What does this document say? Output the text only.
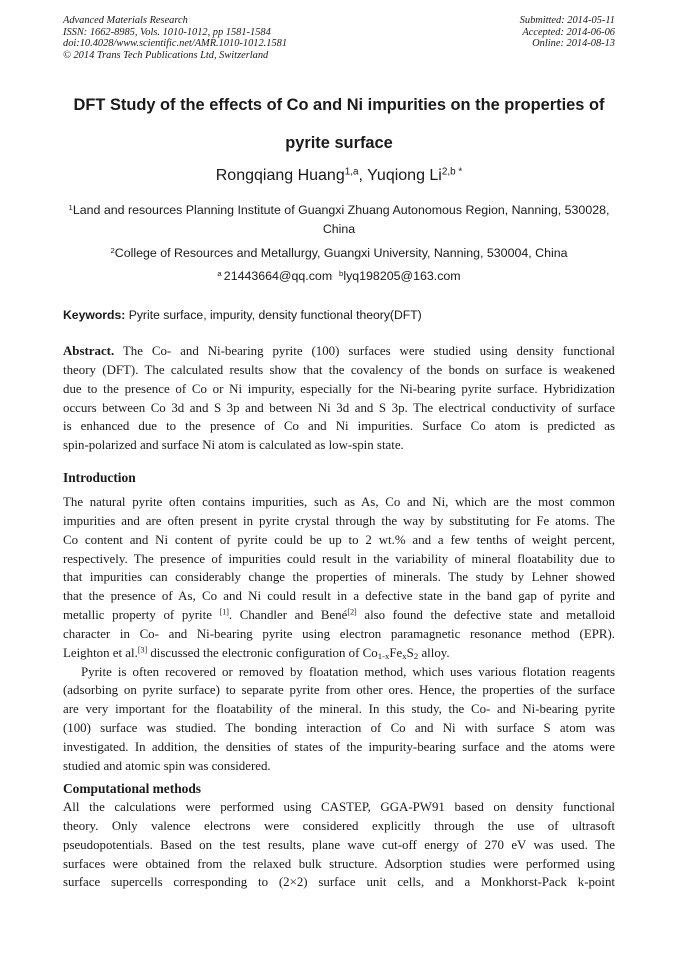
Advanced Materials Research
ISSN: 1662-8985, Vols. 1010-1012, pp 1581-1584
doi:10.4028/www.scientific.net/AMR.1010-1012.1581
© 2014 Trans Tech Publications Ltd, Switzerland
Submitted: 2014-05-11
Accepted: 2014-06-06
Online: 2014-08-13
DFT Study of the effects of Co and Ni impurities on the properties of
pyrite surface
Rongqiang Huang$^{1,a}$, Yuqiong $Li^{2,b *}$
$^1$Land and resources Planning Institute of Guangxi Zhuang Autonomous Region, Nanning, 530028,
China
$^2$College of Resources and Metallurgy, Guangxi University, Nanning, 530004, China
$^a$ 21443664@qq.com $^b$lyq198205@163.com
Keywords: Pyrite surface, impurity, density functional theory(DFT)
Abstract. The Co- and Ni-bearing pyrite (100) surfaces were studied using density functional
theory (DFT). The calculated results show that the covalency of the bonds on surface is weakened
due to the presence of Co or Ni impurity, especially for the Ni-bearing pyrite surface. Hybridization
occurs between Co 3d and S 3p and between Ni 3d and S 3p. The electrical conductivity of surface
is enhanced due to the presence of Co and Ni impurities. Surface Co atom is predicted as
spin-polarized and surface Ni atom is calculated as low-spin state.
Introduction
The natural pyrite often contains impurities, such as As, Co and Ni, which are the most common
impurities and are often present in pyrite crystal through the way by substituting for Fe atoms. The
Co content and Ni content of pyrite could be up to 2 wt.% and a few tenths of weight percent,
respectively. The presence of impurities could result in the variability of mineral floatability due to
that impurities can considerably change the properties of minerals. The study by Lehner showed
that the presence of As, Co and Ni could result in a defective state in the band gap of pyrite and
metallic property of pyrite [1]. Chandler and Bené[2] also found the defective state and metalloid
character in Co- and Ni-bearing pyrite using electron paramagnetic resonance method (EPR).
Leighton et al.[3] discussed the electronic configuration of $Co_{1-x}Fe_xS_2$ alloy.
Pyrite is often recovered or removed by floatation method, which uses various flotation reagents
(adsorbing on pyrite surface) to separate pyrite from other ores. Hence, the properties of the surface
are very important for the floatability of the mineral. In this study, the Co- and Ni-bearing pyrite
(100) surface was studied. The bonding interaction of Co and Ni with surface S atom was
investigated. In addition, the densities of states of the impurity-bearing surface and the atoms were
studied and atomic spin was considered.
Computational methods
All the calculations were performed using CASTEP, GGA-PW91 based on density functional
theory. Only valence electrons were considered explicitly through the use of ultrasoft
pseudopotentials. Based on the test results, plane wave cut-off energy of 270 eV was used. The
surfaces were obtained from the relaxed bulk structure. Adsorption studies were performed using
surface supercells corresponding to (2×2) surface unit cells, and a Monkhorst-Pack k-point
